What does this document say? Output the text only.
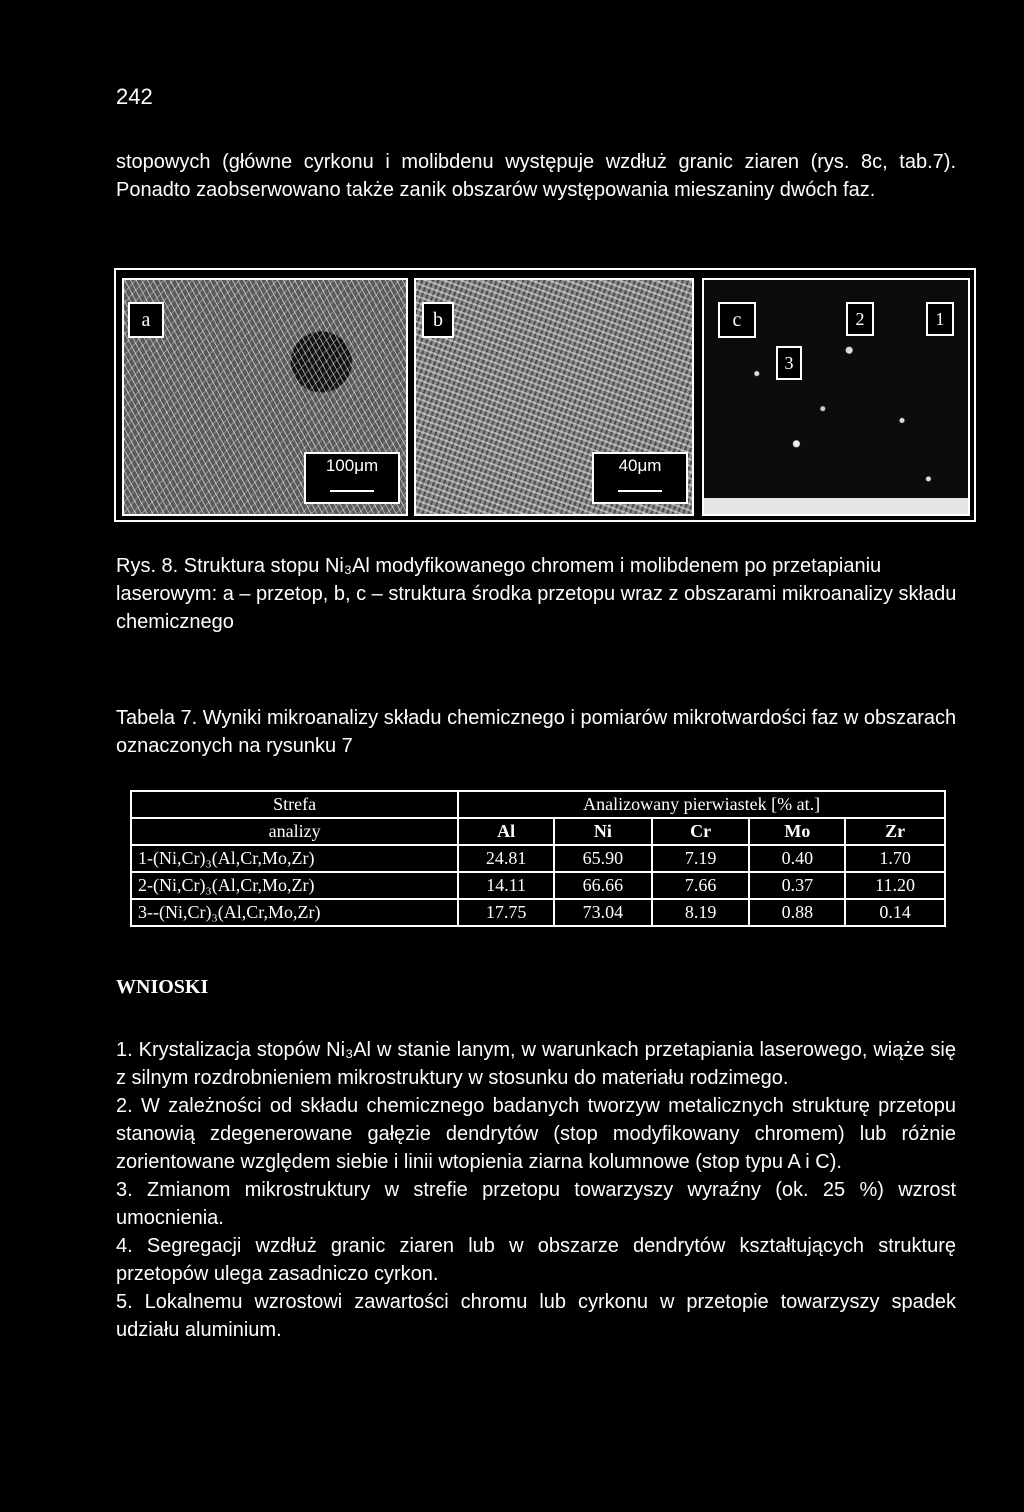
242
stopowych (główne cyrkonu i molibdenu występuje wzdłuż granic ziaren (rys. 8c, tab.7). Ponadto zaobserwowano także zanik obszarów występowania mieszaniny dwóch faz.
a
100μm
b
40μm
c	2	1
3
Rys. 8. Struktura stopu Ni₃Al modyfikowanego chromem i molibdenem po przetapianiu laserowym: a – przetop, b, c – struktura środka przetopu wraz z obszarami mikroanalizy składu chemicznego
Tabela 7. Wyniki mikroanalizy składu chemicznego i pomiarów mikrotwardości faz w obszarach oznaczonych na rysunku 7
Strefa	Analizowany pierwiastek [% at.]				
analizy	Al	Ni	Cr	Mo	Zr
1-(Ni,Cr)₃(Al,Cr,Mo,Zr)	24.81	65.90	7.19	0.40	1.70
2-(Ni,Cr)₃(Al,Cr,Mo,Zr)	14.11	66.66	7.66	0.37	11.20
3--(Ni,Cr)₃(Al,Cr,Mo,Zr)	17.75	73.04	8.19	0.88	0.14
WNIOSKI

1. Krystalizacja stopów Ni₃Al w stanie lanym, w warunkach przetapiania laserowego, wiąże się z silnym rozdrobnieniem mikrostruktury w stosunku do materiału rodzimego.

2. W zależności od składu chemicznego badanych tworzyw metalicznych strukturę przetopu stanowią zdegenerowane gałęzie dendrytów (stop modyfikowany chromem) lub różnie zorientowane względem siebie i linii wtopienia ziarna kolumnowe (stop typu A i C).

3. Zmianom mikrostruktury w strefie przetopu towarzyszy wyraźny (ok. 25 %) wzrost umocnienia.

4. Segregacji wzdłuż granic ziaren lub w obszarze dendrytów kształtujących strukturę przetopów ulega zasadniczo cyrkon.

5. Lokalnemu wzrostowi zawartości chromu lub cyrkonu w przetopie towarzyszy spadek udziału aluminium.
